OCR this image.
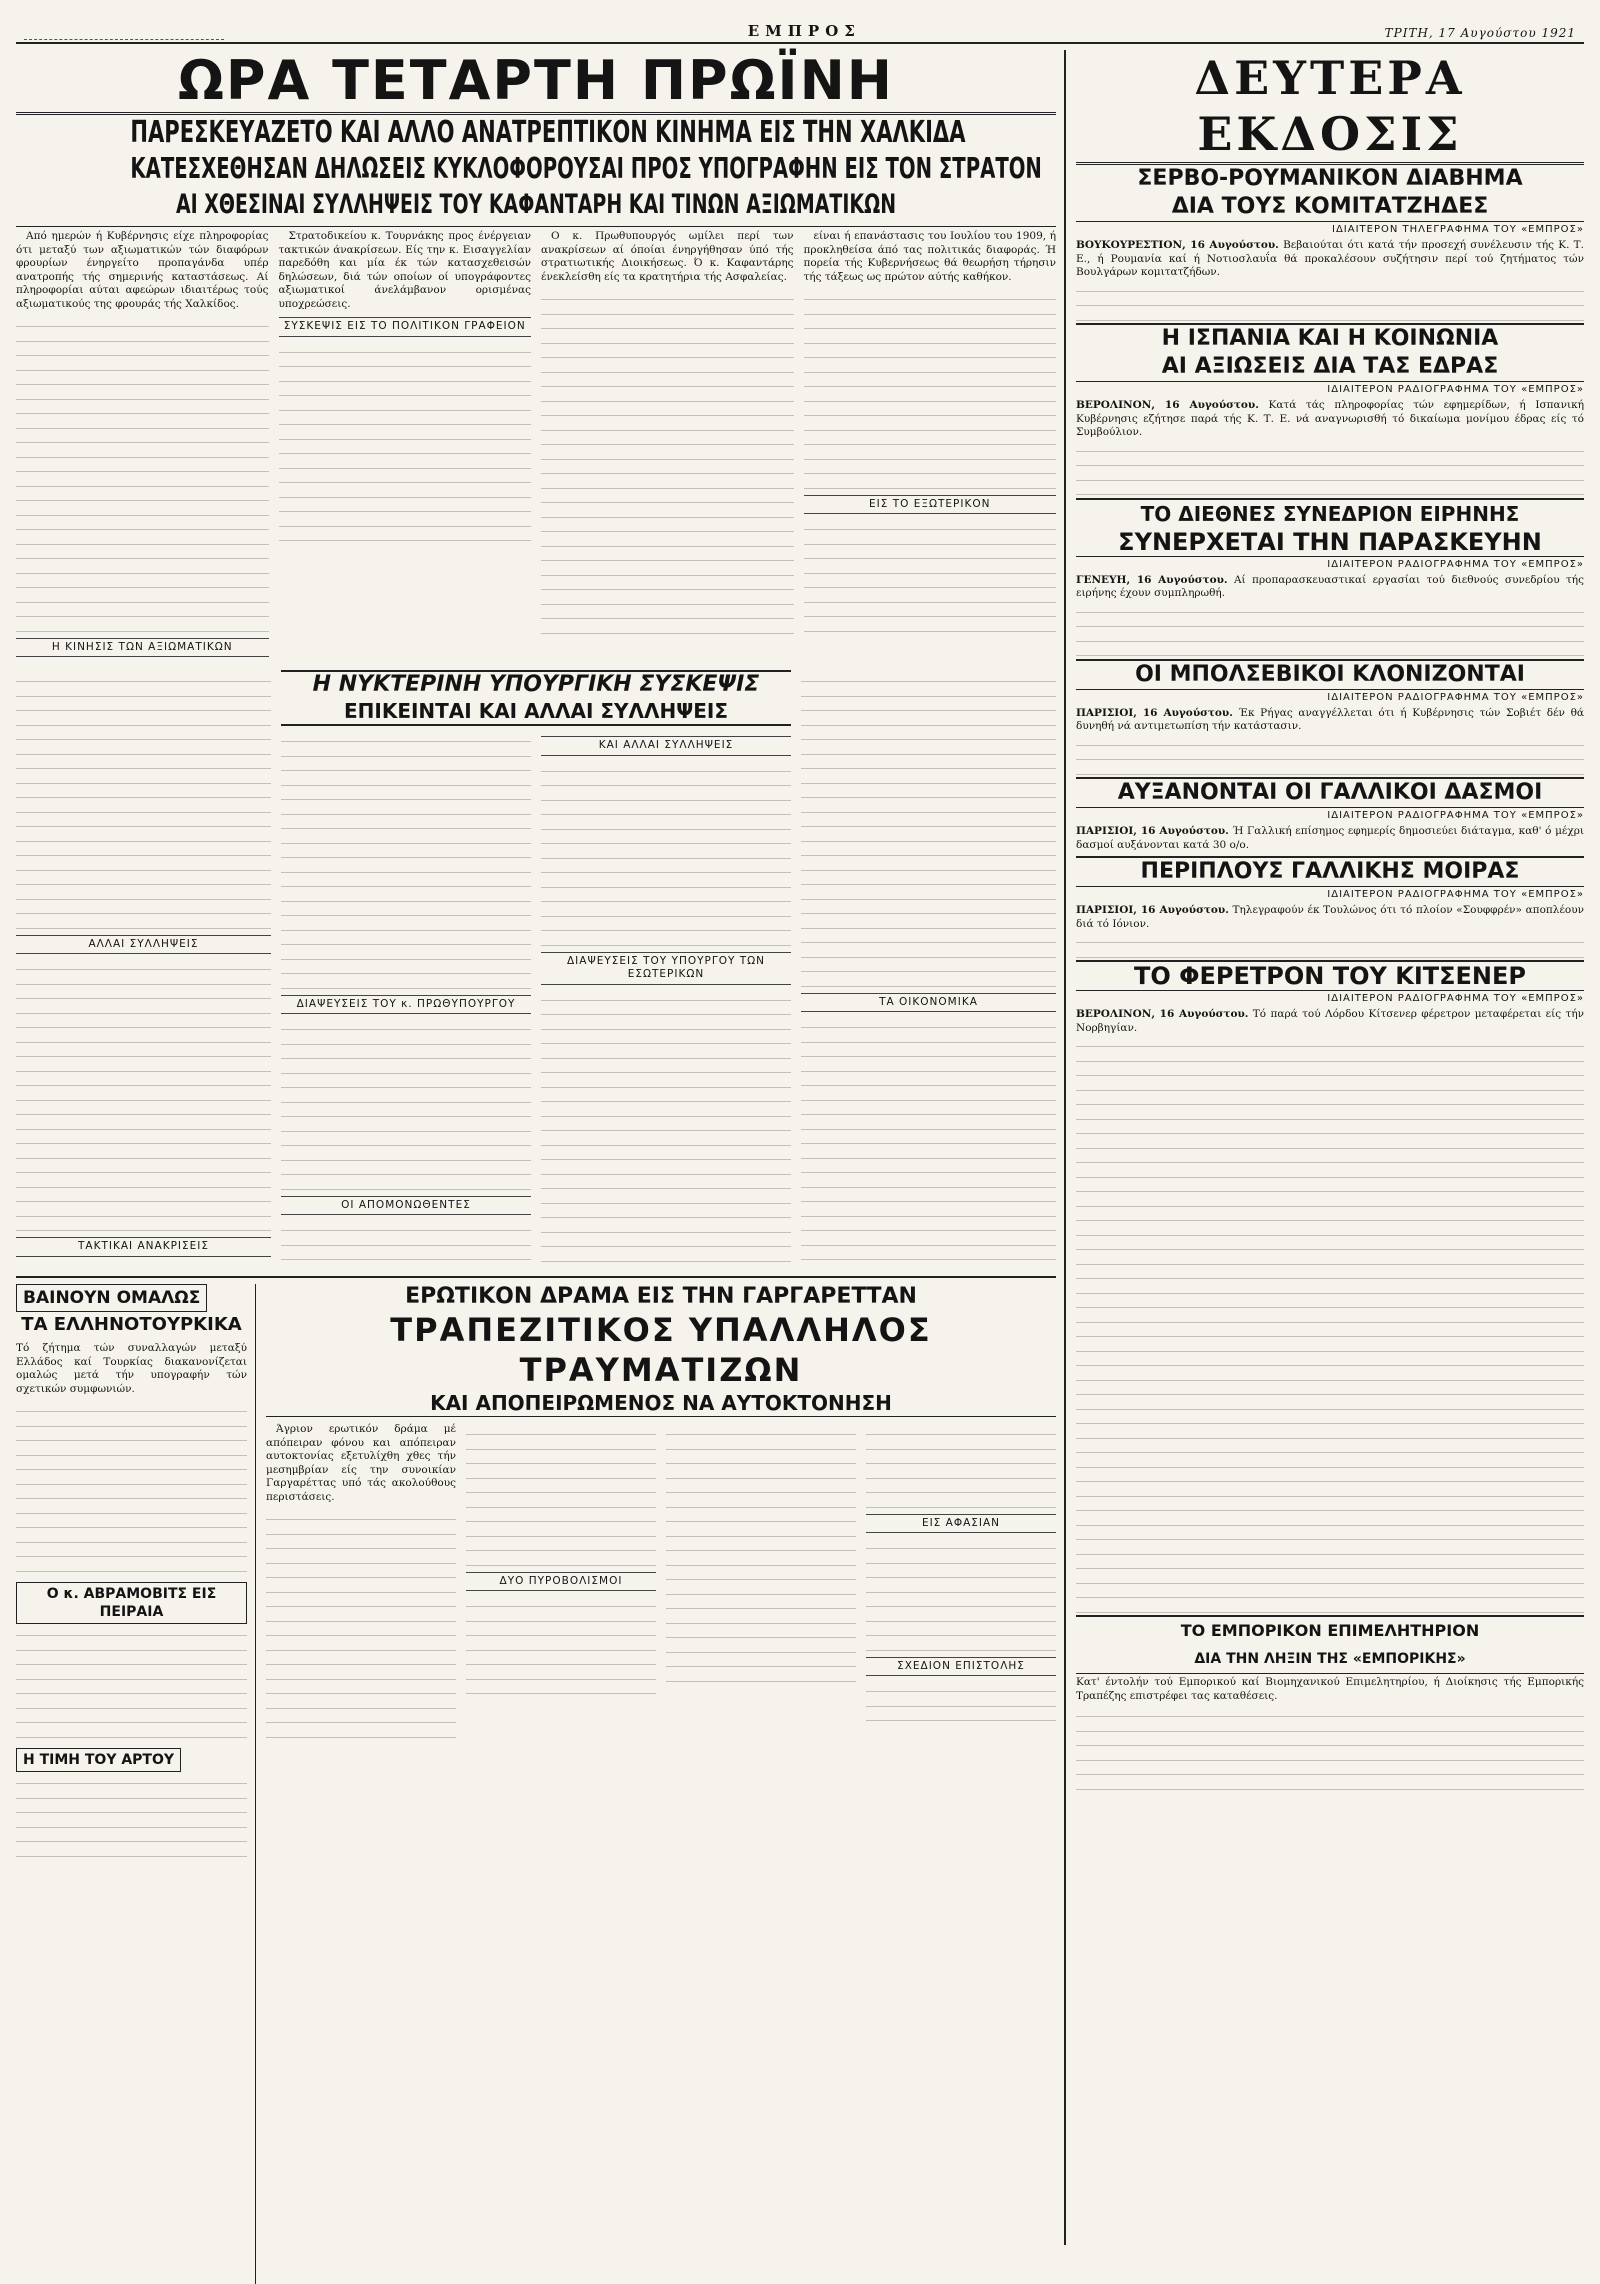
ΕΜΠΡΟΣ	ΤΡΙΤΗ, 17 Αυγούστου 1921
ΩΡΑ ΤΕΤΑΡΤΗ ΠΡΩΪΝΗ
ΠΑΡΕΣΚΕΥΑΖΕΤΟ ΚΑΙ ΑΛΛΟ ΑΝΑΤΡΕΠΤΙΚΟΝ ΚΙΝΗΜΑ ΕΙΣ ΤΗΝ ΧΑΛΚΙΔΑ
ΚΑΤΕΣΧΕΘΗΣΑΝ ΔΗΛΩΣΕΙΣ ΚΥΚΛΟΦΟΡΟΥΣΑΙ ΠΡΟΣ ΥΠΟΓΡΑΦΗΝ ΕΙΣ ΤΟΝ ΣΤΡΑΤΟΝ
ΑΙ ΧΘΕΣΙΝΑΙ ΣΥΛΛΗΨΕΙΣ ΤΟΥ ΚΑΦΑΝΤΑΡΗ ΚΑΙ ΤΙΝΩΝ ΑΞΙΩΜΑΤΙΚΩΝ

Από ημερών ή Κυβέρνησις είχε πληροφορίας ότι μεταξύ των αξιωματικών τών διαφόρων φρουρίων ένηργείτο προπαγάνδα υπέρ ανατροπής τής σημερινής καταστάσεως. Αί πληροφορίαι αύται αφεώρων ιδιαιτέρως τούς αξιωματικούς της φρουράς τής Χαλκίδος.

Η ΚΙΝΗΣΙΣ ΤΩΝ ΑΞΙΩΜΑΤΙΚΩΝ

Στρατοδικείου κ. Τουρνάκης προς ένέργειαν τακτικών άνακρίσεων. Είς την κ. Εισαγγελίαν παρεδόθη και μία έκ τών κατασχεθεισών δηλώσεων, διά τών οποίων οί υπογράφοντες αξιωματικοί άνελάμβανον ορισμένας υποχρεώσεις.

ΣΥΣΚΕΨΙΣ ΕΙΣ ΤΟ ΠΟΛΙΤΙΚΟΝ ΓΡΑΦΕΙΟΝ

Ο κ. Πρωθυπουργός ωμίλει περί των ανακρίσεων αί όποίαι ένηργήθησαν ύπό τής στρατιωτικής Διοικήσεως. Ό κ. Καφαντάρης ένεκλείσθη είς τα κρατητήρια τής Ασφαλείας.

είναι ή επανάστασις του Ιουλίου του 1909, ή προκληθείσα άπό τας πολιτικάς διαφοράς. Ή πορεία τής Κυβερνήσεως θά θεωρήση τήρησιν τής τάξεως ως πρώτον αύτής καθήκον.

ΕΙΣ ΤΟ ΕΞΩΤΕΡΙΚΟΝ
ΑΛΛΑΙ ΣΥΛΛΗΨΕΙΣ
ΤΑΚΤΙΚΑΙ ΑΝΑΚΡΙΣΕΙΣ
Η ΝΥΚΤΕΡΙΝΗ ΥΠΟΥΡΓΙΚΗ ΣΥΣΚΕΨΙΣ
ΕΠΙΚΕΙΝΤΑΙ ΚΑΙ ΑΛΛΑΙ ΣΥΛΛΗΨΕΙΣ
ΔΙΑΨΕΥΣΕΙΣ ΤΟΥ κ. ΠΡΩΘΥΠΟΥΡΓΟΥ
ΟΙ ΑΠΟΜΟΝΩΘΕΝΤΕΣ
ΚΑΙ ΑΛΛΑΙ ΣΥΛΛΗΨΕΙΣ
ΔΙΑΨΕΥΣΕΙΣ ΤΟΥ ΥΠΟΥΡΓΟΥ ΤΩΝ ΕΣΩΤΕΡΙΚΩΝ
ΤΑ ΟΙΚΟΝΟΜΙΚΑ
ΒΑΙΝΟΥΝ ΟΜΑΛΩΣ
ΤΑ ΕΛΛΗΝΟΤΟΥΡΚΙΚΑ

Τό ζήτημα τών συναλλαγών μεταξύ Ελλάδος καί Τουρκίας διακανονίζεται ομαλώς μετά τήν υπογραφήν τών σχετικών συμφωνιών.

Ο κ. ΑΒΡΑΜΟΒΙΤΣ ΕΙΣ ΠΕΙΡΑΙΑ
Η ΤΙΜΗ ΤΟΥ ΑΡΤΟΥ
ΕΡΩΤΙΚΟΝ ΔΡΑΜΑ ΕΙΣ ΤΗΝ ΓΑΡΓΑΡΕΤΤΑΝ
ΤΡΑΠΕΖΙΤΙΚΟΣ ΥΠΑΛΛΗΛΟΣ ΤΡΑΥΜΑΤΙΖΩΝ
ΚΑΙ ΑΠΟΠΕΙΡΩΜΕΝΟΣ ΝΑ ΑΥΤΟΚΤΟΝΗΣΗ

Άγριον ερωτικόν δράμα μέ απόπειραν φόνου και απόπειραν αυτοκτονίας εξετυλίχθη χθες τήν μεσημβρίαν είς την συνοικίαν Γαργαρέττας υπό τάς ακολούθους περιστάσεις.

ΔΥΟ ΠΥΡΟΒΟΛΙΣΜΟΙ
ΕΙΣ ΑΦΑΣΙΑΝ
ΣΧΕΔΙΟΝ ΕΠΙΣΤΟΛΗΣ
ΔΕΥΤΕΡΑ ΕΚΔΟΣΙΣ
ΣΕΡΒΟ-ΡΟΥΜΑΝΙΚΟΝ ΔΙΑΒΗΜΑ
ΔΙΑ ΤΟΥΣ ΚΟΜΙΤΑΤΖΗΔΕΣ
ΙΔΙΑΙΤΕΡΟΝ ΤΗΛΕΓΡΑΦΗΜΑ ΤΟΥ «ΕΜΠΡΟΣ»

ΒΟΥΚΟΥΡΕΣΤΙΟΝ, 16 Αυγούστου. Βεβαιούται ότι κατά τήν προσεχή συνέλευσιν τής Κ. Τ. Ε., ή Ρουμανία καί ή Νοτιοσλαυΐα θά προκαλέσουν συζήτησιν περί τού ζητήματος τών Βουλγάρων κομιτατζήδων.

Η ΙΣΠΑΝΙΑ ΚΑΙ Η ΚΟΙΝΩΝΙΑ
ΑΙ ΑΞΙΩΣΕΙΣ ΔΙΑ ΤΑΣ ΕΔΡΑΣ
ΙΔΙΑΙΤΕΡΟΝ ΡΑΔΙΟΓΡΑΦΗΜΑ ΤΟΥ «ΕΜΠΡΟΣ»

ΒΕΡΟΛΙΝΟΝ, 16 Αυγούστου. Κατά τάς πληροφορίας τών εφημερίδων, ή Ισπανική Κυβέρνησις εζήτησε παρά τής Κ. Τ. Ε. νά αναγνωρισθή τό δικαίωμα μονίμου έδρας είς τό Συμβούλιον.

ΤΟ ΔΙΕΘΝΕΣ ΣΥΝΕΔΡΙΟΝ ΕΙΡΗΝΗΣ
ΣΥΝΕΡΧΕΤΑΙ ΤΗΝ ΠΑΡΑΣΚΕΥΗΝ
ΙΔΙΑΙΤΕΡΟΝ ΡΑΔΙΟΓΡΑΦΗΜΑ ΤΟΥ «ΕΜΠΡΟΣ»

ΓΕΝΕΥΗ, 16 Αυγούστου. Αί προπαρασκευαστικαί εργασίαι τού διεθνούς συνεδρίου τής ειρήνης έχουν συμπληρωθή.

ΟΙ ΜΠΟΛΣΕΒΙΚΟΙ ΚΛΟΝΙΖΟΝΤΑΙ
ΙΔΙΑΙΤΕΡΟΝ ΡΑΔΙΟΓΡΑΦΗΜΑ ΤΟΥ «ΕΜΠΡΟΣ»

ΠΑΡΙΣΙΟΙ, 16 Αυγούστου. Έκ Ρήγας αναγγέλλεται ότι ή Κυβέρνησις τών Σοβιέτ δέν θά δυνηθή νά αντιμετωπίση τήν κατάστασιν.

ΑΥΞΑΝΟΝΤΑΙ ΟΙ ΓΑΛΛΙΚΟΙ ΔΑΣΜΟΙ
ΙΔΙΑΙΤΕΡΟΝ ΡΑΔΙΟΓΡΑΦΗΜΑ ΤΟΥ «ΕΜΠΡΟΣ»

ΠΑΡΙΣΙΟΙ, 16 Αυγούστου. Ή Γαλλική επίσημος εφημερίς δημοσιεύει διάταγμα, καθ' ό μέχρι δασμοί αυξάνονται κατά 30 ο/ο.

ΠΕΡΙΠΛΟΥΣ ΓΑΛΛΙΚΗΣ ΜΟΙΡΑΣ
ΙΔΙΑΙΤΕΡΟΝ ΡΑΔΙΟΓΡΑΦΗΜΑ ΤΟΥ «ΕΜΠΡΟΣ»

ΠΑΡΙΣΙΟΙ, 16 Αυγούστου. Τηλεγραφούν έκ Τουλώνος ότι τό πλοίον «Σουφφρέν» αποπλέουν διά τό Ιόνιον.

ΤΟ ΦΕΡΕΤΡΟΝ ΤΟΥ ΚΙΤΣΕΝΕΡ
ΙΔΙΑΙΤΕΡΟΝ ΡΑΔΙΟΓΡΑΦΗΜΑ ΤΟΥ «ΕΜΠΡΟΣ»

ΒΕΡΟΛΙΝΟΝ, 16 Αυγούστου. Τό παρά τού Λόρδου Κίτσενερ φέρετρον μεταφέρεται είς τήν Νορβηγίαν.

ΤΟ ΕΜΠΟΡΙΚΟΝ ΕΠΙΜΕΛΗΤΗΡΙΟΝ
ΔΙΑ ΤΗΝ ΛΗΞΙΝ ΤΗΣ «ΕΜΠΟΡΙΚΗΣ»

Κατ' έντολήν τού Εμπορικού καί Βιομηχανικού Επιμελητηρίου, ή Διοίκησις τής Εμπορικής Τραπέζης επιστρέφει τας καταθέσεις.
